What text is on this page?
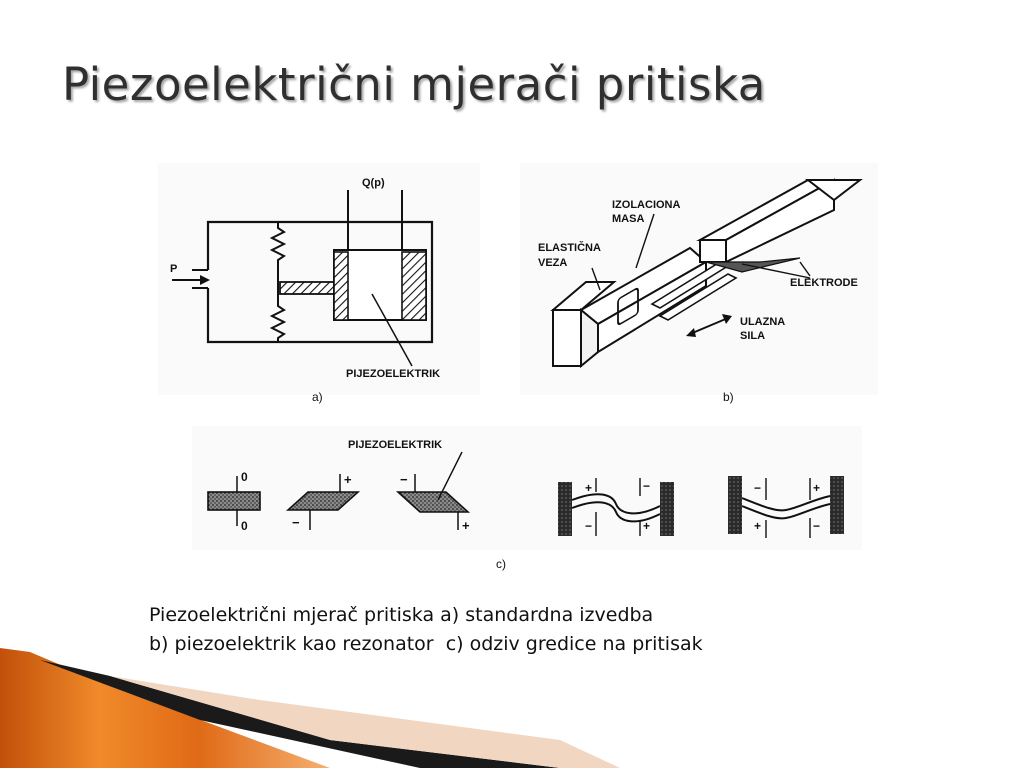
Piezoelektrični mjerači pritiska
Q(p)
P
PIJEZOELEKTRIK
a)
IZOLACIONA
MASA
ELASTIČNA
VEZA
ELEKTRODE
ULAZNA
SILA
b)
0
0
+
−
−
+
PIJEZOELEKTRIK
+	−
−	+
−	+
+	−
c)
Piezoelektrični mjerač pritiska a) standardna izvedba
b) piezoelektrik kao rezonator  c) odziv gredice na pritisak
